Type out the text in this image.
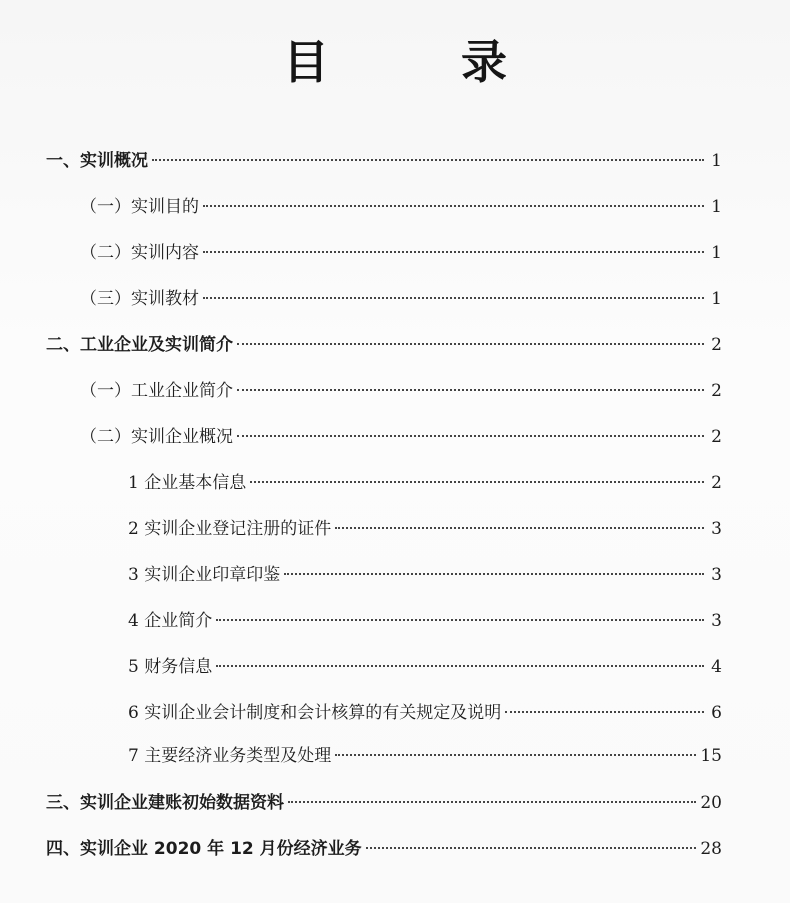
目 录
一、实训概况	1
（一）实训目的	1
（二）实训内容	1
（三）实训教材	1
二、工业企业及实训简介	2
（一）工业企业简介	2
（二）实训企业概况	2
1 企业基本信息	2
2 实训企业登记注册的证件	3
3 实训企业印章印鉴	3
4 企业简介	3
5 财务信息	4
6 实训企业会计制度和会计核算的有关规定及说明	6
7 主要经济业务类型及处理	15
三、实训企业建账初始数据资料	20
四、实训企业 2020 年 12 月份经济业务	28
